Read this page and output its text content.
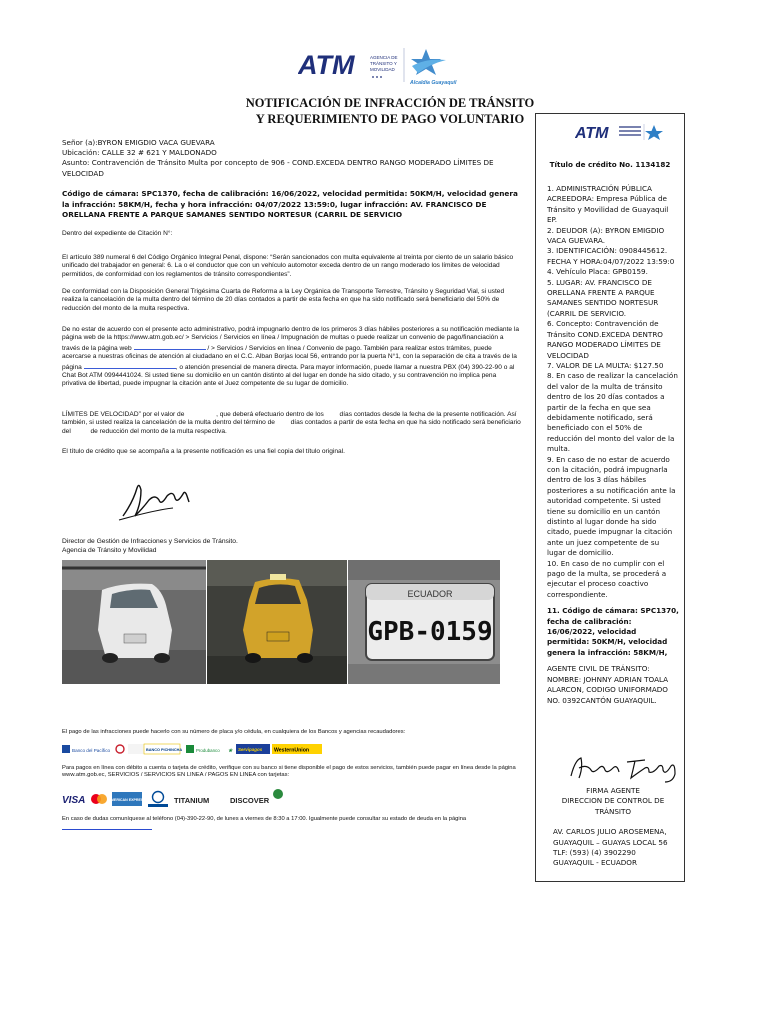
ATM	AGENCIA DE
TRÁNSITO Y
MOVILIDAD
Alcaldía Guayaquil
NOTIFICACIÓN DE INFRACCIÓN DE TRÁNSITO
Y REQUERIMIENTO DE PAGO VOLUNTARIO
Señor (a):BYRON EMIGDIO VACA GUEVARA
Ubicación: CALLE 32 # 621 Y MALDONADO
Asunto: Contravención de Tránsito Multa por concepto de 906 - COND.EXCEDA DENTRO RANGO MODERADO LÍMITES DE VELOCIDAD
Código de cámara: SPC1370, fecha de calibración: 16/06/2022, velocidad permitida: 50KM/H, velocidad genera la infracción: 58KM/H, fecha y hora infracción: 04/07/2022 13:59:0, lugar infracción: AV. FRANCISCO DE ORELLANA FRENTE A PARQUE SAMANES SENTIDO NORTESUR (CARRIL DE SERVICIO
Dentro del expediente de Citación N°:
El artículo 389 numeral 6 del Código Orgánico Integral Penal, dispone: “Serán sancionados con multa equivalente al treinta por ciento de un salario básico unificado del trabajador en general: 6. La o el conductor que con un vehículo automotor exceda dentro de un rango moderado los límites de velocidad permitidos, de conformidad con los reglamentos de tránsito correspondientes”.
De conformidad con la Disposición General Trigésima Cuarta de Reforma a la Ley Orgánica de Transporte Terrestre, Tránsito y Seguridad Vial, si usted realiza la cancelación de la multa dentro del término de 20 días contados a partir de esta fecha en que ha sido notificado será beneficiario del 50% de reducción del monto de la multa respectiva.
De no estar de acuerdo con el presente acto administrativo, podrá impugnarlo dentro de los primeros 3 días hábiles posteriores a su notificación mediante la página web de la https://www.atm.gob.ec/ > Servicios / Servicios en línea / Impugnación de multas o puede realizar un convenio de pago/financiación a través de la página web	/ > Servicios / Servicios en línea / Convenio de pago. También para realizar estos trámites, puede acercarse a nuestras oficinas de atención al ciudadano en el C.C. Alban Borjas local 56, entrando por la puerta N°1, con la separación de cita a través de la página	, o atención presencial de manera directa. Para mayor información, puede llamar a nuestra PBX (04) 390-22-90 o al Chat Bot ATM 0994441024. Si usted tiene su domicilio en un cantón distinto al del lugar en donde ha sido citado, y su contravención no implica pena privativa de libertad, puede impugnar la citación ante el Juez competente de su lugar de domicilio.
LÍMITES DE VELOCIDAD” por el valor de	, que deberá efectuario dentro de los días contados desde la fecha de la presente notificación. Así también, si usted realiza la cancelación de la multa dentro del término de días contados a partir de esta fecha en que ha sido notificado será beneficiario del	de reducción del monto de la multa respectiva.
El título de crédito que se acompaña a la presente notificación es una fiel copia del título original.
Director de Gestión de Infracciones y Servicios de Tránsito.
Agencia de Tránsito y Movilidad
ECUADOR
GPB-0159
El pago de las infracciones puede hacerlo con su número de placa y/o cédula, en cualquiera de los Bancos y agencias recaudadores:
Banco del Pacífico	BANCO PICHINCHA	Produbanco ★	Servipagos WesternUnion
Para pagos en línea con débito a cuenta o tarjeta de crédito, verifique con su banco si tiene disponible el pago de estos servicios, también puede pagar en línea desde la página www.atm.gob.ec, SERVICIOS / SERVICIOS EN LINEA / PAGOS EN LINEA con tarjetas:
VISA	AMERICAN EXPRESS	TITANIUM	DISCOVER
En caso de dudas comuníquese al teléfono (04)-390-22-90, de lunes a viernes de 8:30 a 17:00. Igualmente puede consultar su estado de deuda en la página
ATM
Título de crédito No. 1134182

1. ADMINISTRACIÓN PÚBLICA ACREEDORA: Empresa Pública de Tránsito y Movilidad de Guayaquil EP.

2. DEUDOR (A): BYRON EMIGDIO VACA GUEVARA.

3. IDENTIFICACIÓN: 0908445612. FECHA Y HORA:04/07/2022 13:59:0

4. Vehículo Placa: GPB0159.

5. LUGAR: AV. FRANCISCO DE ORELLANA FRENTE A PARQUE SAMANES SENTIDO NORTESUR (CARRIL DE SERVICIO.

6. Concepto: Contravención de Tránsito COND.EXCEDA DENTRO RANGO MODERADO LÍMITES DE VELOCIDAD

7. VALOR DE LA MULTA: $127.50

8. En caso de realizar la cancelación del valor de la multa de tránsito dentro de los 20 días contados a partir de la fecha en que sea debidamente notificado, será beneficiado con el 50% de reducción del monto del valor de la multa.

9. En caso de no estar de acuerdo con la citación, podrá impugnarla dentro de los 3 días hábiles posteriores a su notificación ante la autoridad competente. Si usted tiene su domicilio en un cantón distinto al lugar donde ha sido citado, puede impugnar la citación ante un juez competente de su lugar de domicilio.

10. En caso de no cumplir con el pago de la multa, se procederá a ejecutar el proceso coactivo correspondiente.

11. Código de cámara: SPC1370, fecha de calibración: 16/06/2022, velocidad permitida: 50KM/H, velocidad genera la infracción: 58KM/H,

AGENTE CIVIL DE TRÁNSITO: NOMBRE: JOHNNY ADRIAN TOALA ALARCON, CODIGO UNIFORMADO NO. 0392CANTÓN GUAYAQUIL.

FIRMA AGENTE
DIRECCION DE CONTROL DE TRÁNSITO
AV. CARLOS JULIO AROSEMENA, GUAYAQUIL – GUAYAS LOCAL 56
TLF: (593) (4) 3902290
GUAYAQUIL - ECUADOR
